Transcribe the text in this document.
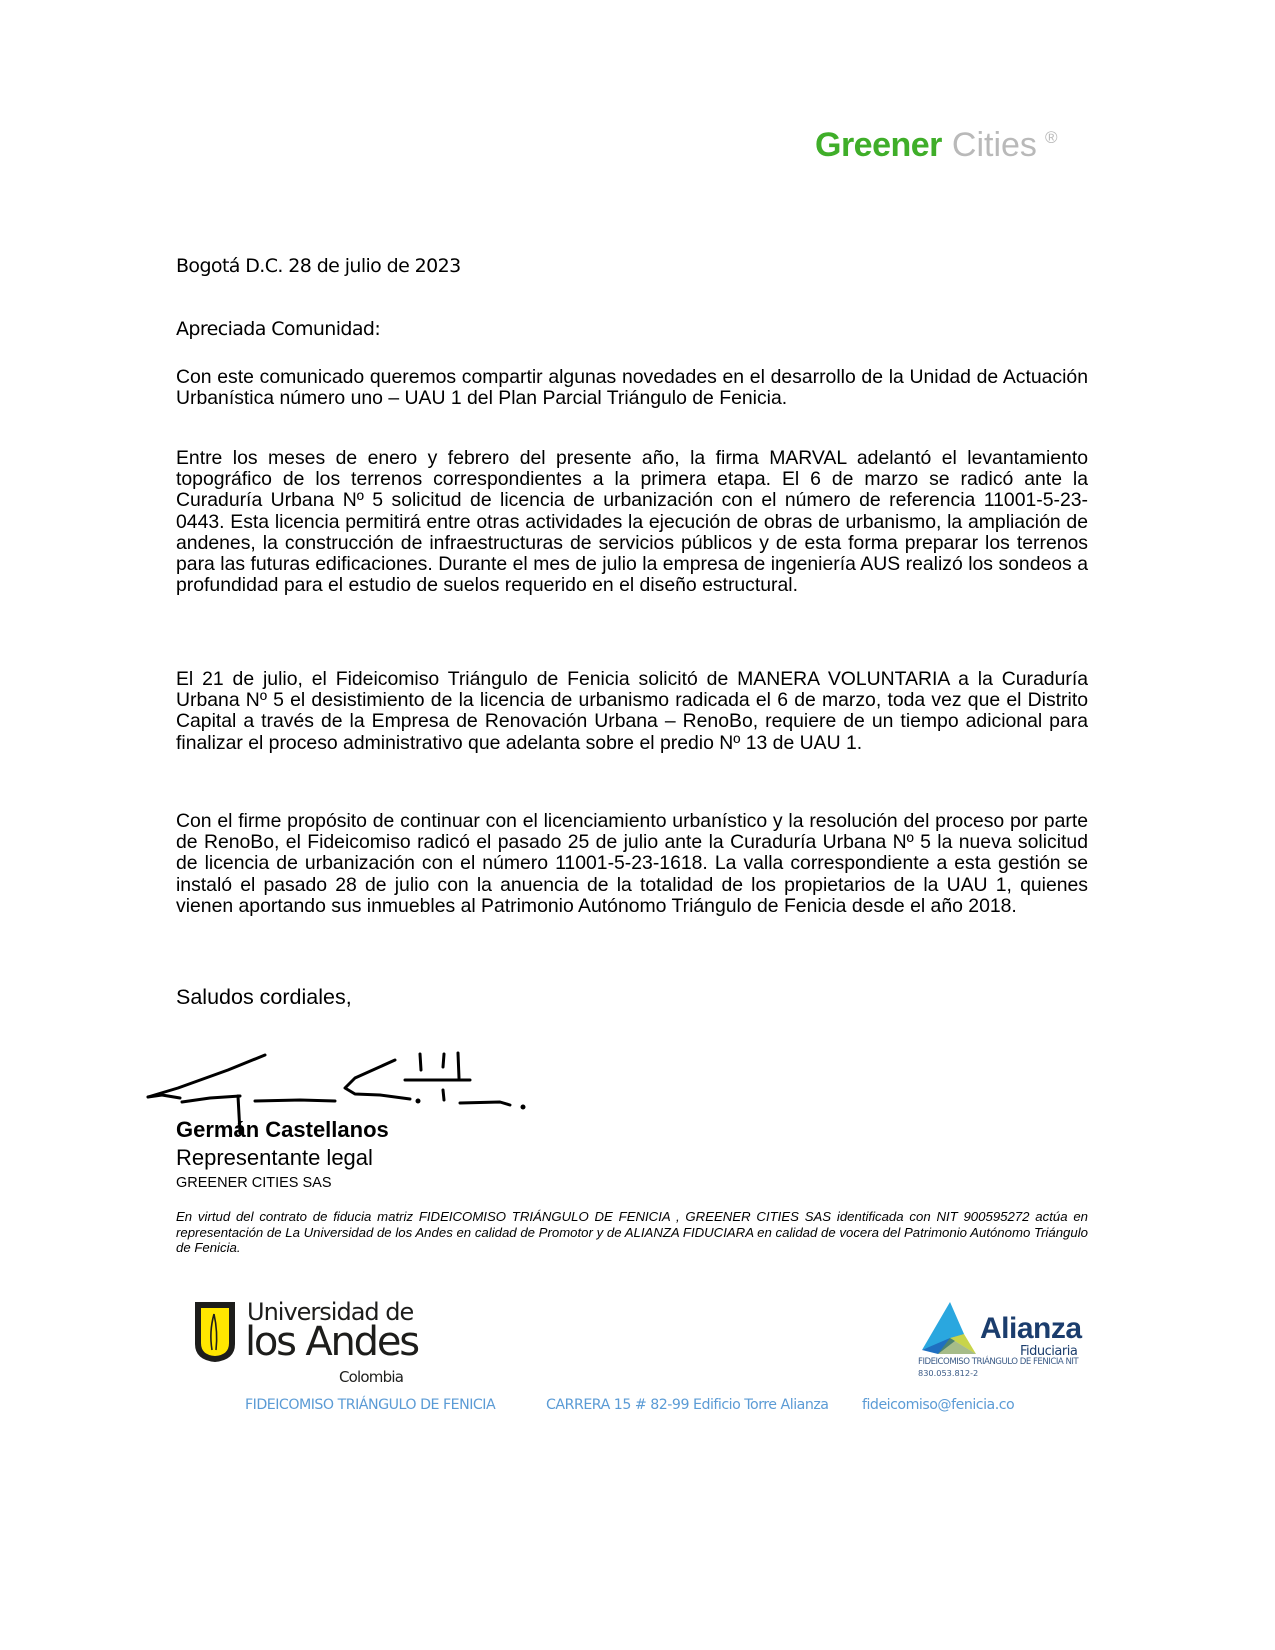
Greener Cities ®
Bogotá D.C. 28 de julio de 2023
Apreciada Comunidad:
Con este comunicado queremos compartir algunas novedades en el desarrollo de la Unidad de Actuación Urbanística número uno – UAU 1 del Plan Parcial Triángulo de Fenicia.
Entre los meses de enero y febrero del presente año, la firma MARVAL adelantó el levantamiento topográfico de los terrenos correspondientes a la primera etapa. El 6 de marzo se radicó ante la Curaduría Urbana Nº 5 solicitud de licencia de urbanización con el número de referencia 11001-5-23-0443. Esta licencia permitirá entre otras actividades la ejecución de obras de urbanismo, la ampliación de andenes, la construcción de infraestructuras de servicios públicos y de esta forma preparar los terrenos para las futuras edificaciones. Durante el mes de julio la empresa de ingeniería AUS realizó los sondeos a profundidad para el estudio de suelos requerido en el diseño estructural.
El 21 de julio, el Fideicomiso Triángulo de Fenicia solicitó de MANERA VOLUNTARIA a la Curaduría Urbana Nº 5 el desistimiento de la licencia de urbanismo radicada el 6 de marzo, toda vez que el Distrito Capital a través de la Empresa de Renovación Urbana – RenoBo, requiere de un tiempo adicional para finalizar el proceso administrativo que adelanta sobre el predio Nº 13 de UAU 1.
Con el firme propósito de continuar con el licenciamiento urbanístico y la resolución del proceso por parte de RenoBo, el Fideicomiso radicó el pasado 25 de julio ante la Curaduría Urbana Nº 5 la nueva solicitud de licencia de urbanización con el número 11001-5-23-1618. La valla correspondiente a esta gestión se instaló el pasado 28 de julio con la anuencia de la totalidad de los propietarios de la UAU 1, quienes vienen aportando sus inmuebles al Patrimonio Autónomo Triángulo de Fenicia desde el año 2018.
Saludos cordiales,
Germán Castellanos
Representante legal
GREENER CITIES SAS
En virtud del contrato de fiducia matriz FIDEICOMISO TRIÁNGULO DE FENICIA , GREENER CITIES SAS identificada con NIT 900595272 actúa en representación de La Universidad de los Andes en calidad de Promotor y de ALIANZA FIDUCIARA en calidad de vocera del Patrimonio Autónomo Triángulo de Fenicia.
Universidad de
los Andes
Colombia
Alianza
Fiduciaria
FIDEICOMISO TRIÁNGULO DE FENICIA NIT
830.053.812-2
FIDEICOMISO TRIÁNGULO DE FENICIA	CARRERA 15 # 82-99 Edificio Torre Alianza fideicomiso@fenicia.co
